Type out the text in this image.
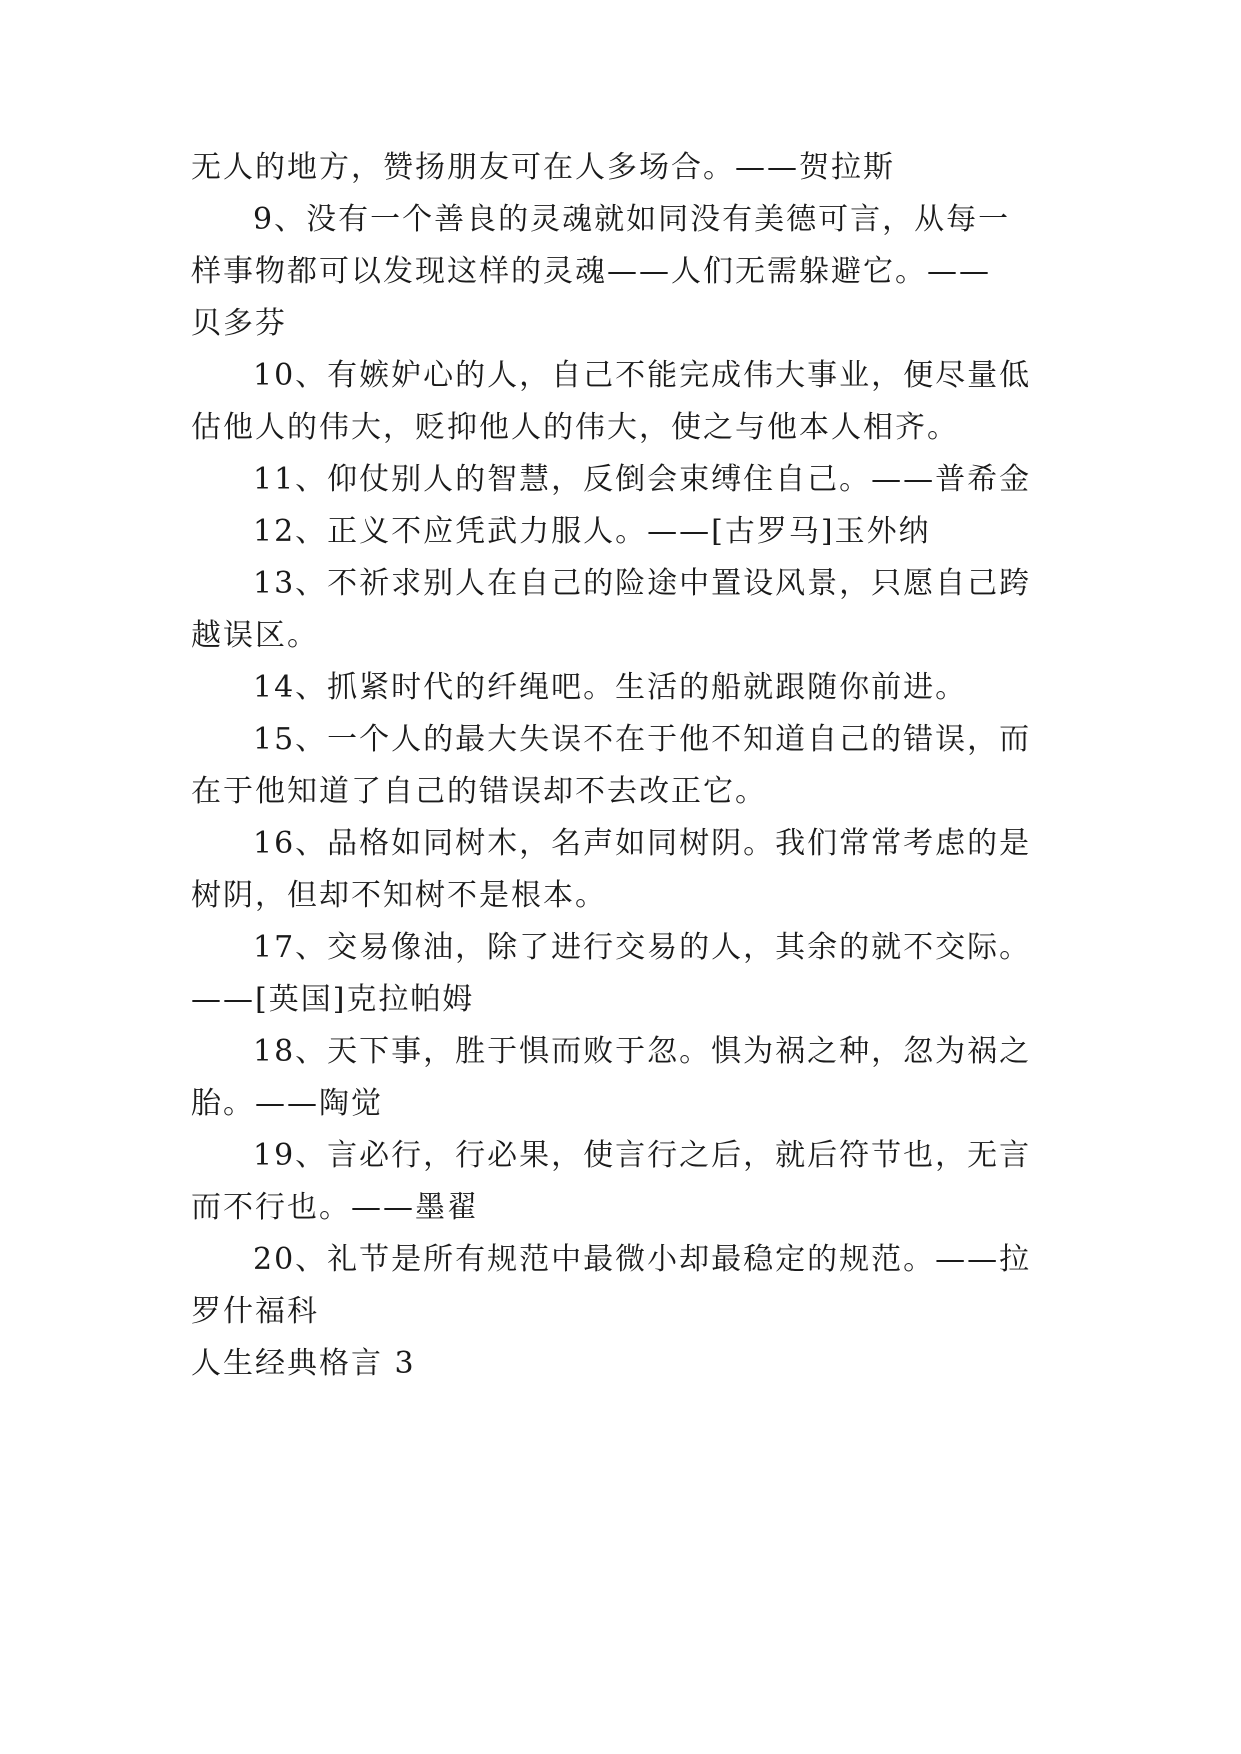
无人的地方，赞扬朋友可在人多场合。——贺拉斯
9、没有一个善良的灵魂就如同没有美德可言，从每一
样事物都可以发现这样的灵魂——人们无需躲避它。——
贝多芬
10、有嫉妒心的人，自己不能完成伟大事业，便尽量低
估他人的伟大，贬抑他人的伟大，使之与他本人相齐。
11、仰仗别人的智慧，反倒会束缚住自己。——普希金
12、正义不应凭武力服人。——[古罗马]玉外纳
13、不祈求别人在自己的险途中置设风景，只愿自己跨
越误区。
14、抓紧时代的纤绳吧。生活的船就跟随你前进。
15、一个人的最大失误不在于他不知道自己的错误，而
在于他知道了自己的错误却不去改正它。
16、品格如同树木，名声如同树阴。我们常常考虑的是
树阴，但却不知树不是根本。
17、交易像油，除了进行交易的人，其余的就不交际。
——[英国]克拉帕姆
18、天下事，胜于惧而败于忽。惧为祸之种，忽为祸之
胎。——陶觉
19、言必行，行必果，使言行之后，就后符节也，无言
而不行也。——墨翟
20、礼节是所有规范中最微小却最稳定的规范。——拉
罗什福科
人生经典格言 3
